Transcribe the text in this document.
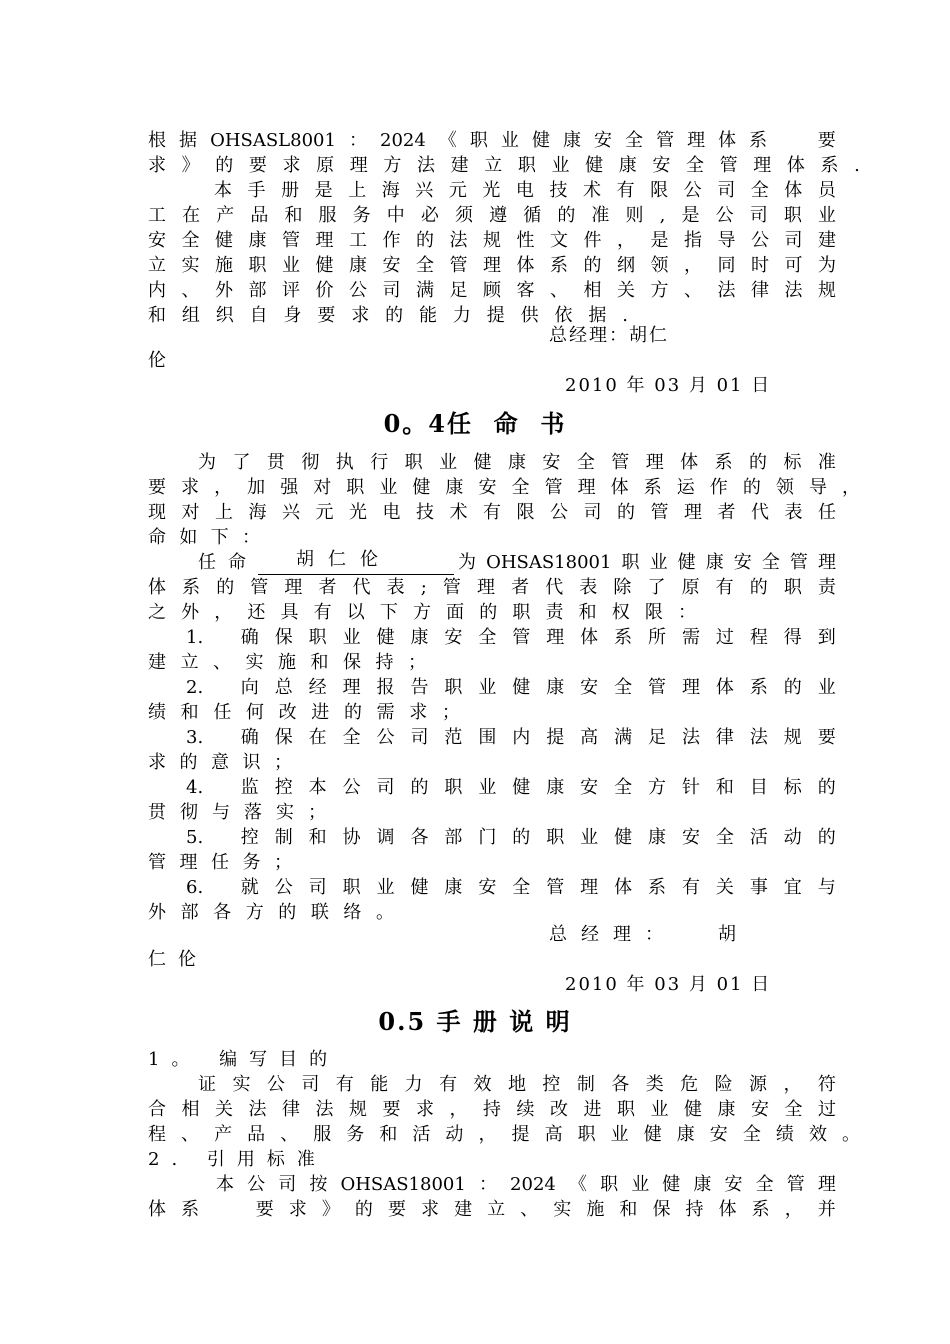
根 据 OHSASL8001 ： 2024 《 职 业 健 康 安 全 管 理 体 系

	要
求 》 的 要 求 原 理 方 法 建 立 职 业 健 康 安 全 管 理 体 系 .
本 手 册 是 上 海 兴 元 光 电 技 术 有 限 公 司 全 体 员
工 在 产 品 和 服 务 中 必 须 遵 循 的 准 则 , 是 公 司 职 业
安 全 健 康 管 理 工 作 的 法 规 性 文 件 ， 是 指 导 公 司 建
立 实 施 职 业 健 康 安 全 管 理 体 系 的 纲 领 ， 同 时 可 为
内 、 外 部 评 价 公 司 满 足 顾 客 、 相 关 方 、 法 律 法 规
和 组 织 自 身 要 求 的 能 力 提 供 依 据 .
总经理：胡仁
伦
2010 年 03 月 01 日
0。4任  命  书
为 了 贯 彻 执 行 职 业 健 康 安 全 管 理 体 系 的 标 准
要 求 ， 加 强 对 职 业 健 康 安 全 管 理 体 系 运 作 的 领 导 ，
现 对 上 海 兴 元 光 电 技 术 有 限 公 司 的 管 理 者 代 表 任
命 如 下 ：
任命	胡仁伦	为 OHSAS18001 职 业 健 康 安 全 管 理
体 系 的 管 理 者 代 表 ; 管 理 者 代 表 除 了 原 有 的 职 责
之 外 ， 还 具 有 以 下 方 面 的 职 责 和 权 限 ：
1.
确 保 职 业 健 康 安 全 管 理 体 系 所 需 过 程 得 到
建 立 、 实 施 和 保 持 ；
2.
向 总 经 理 报 告 职 业 健 康 安 全 管 理 体 系 的 业
绩 和 任 何 改 进 的 需 求 ；
3.
确 保 在 全 公 司 范 围 内 提 高 满 足 法 律 法 规 要
求 的 意 识 ；
4.
监 控 本 公 司 的 职 业 健 康 安 全 方 针 和 目 标 的
贯 彻 与 落 实 ；
5.
控 制 和 协 调 各 部 门 的 职 业 健 康 安 全 活 动 的
管 理 任 务 ；
6.
就 公 司 职 业 健 康 安 全 管 理 体 系 有 关 事 宜 与
外 部 各 方 的 联 络 。
总经理： 胡
仁伦
2010 年 03 月 01 日
0.5 手 册 说 明
1。 编写目的
证 实 公 司 有 能 力 有 效 地 控 制 各 类 危 险 源 ， 符
合 相 关 法 律 法 规 要 求 ， 持 续 改 进 职 业 健 康 安 全 过
程 、 产 品 、 服 务 和 活 动 ， 提 高 职 业 健 康 安 全 绩 效 。
2. 引用标准
本 公 司 按 OHSAS18001 ： 2024 《 职 业 健 康 安 全 管 理
体 系

	要 求 》 的 要 求 建 立 、 实 施 和 保 持 体 系 ， 并
